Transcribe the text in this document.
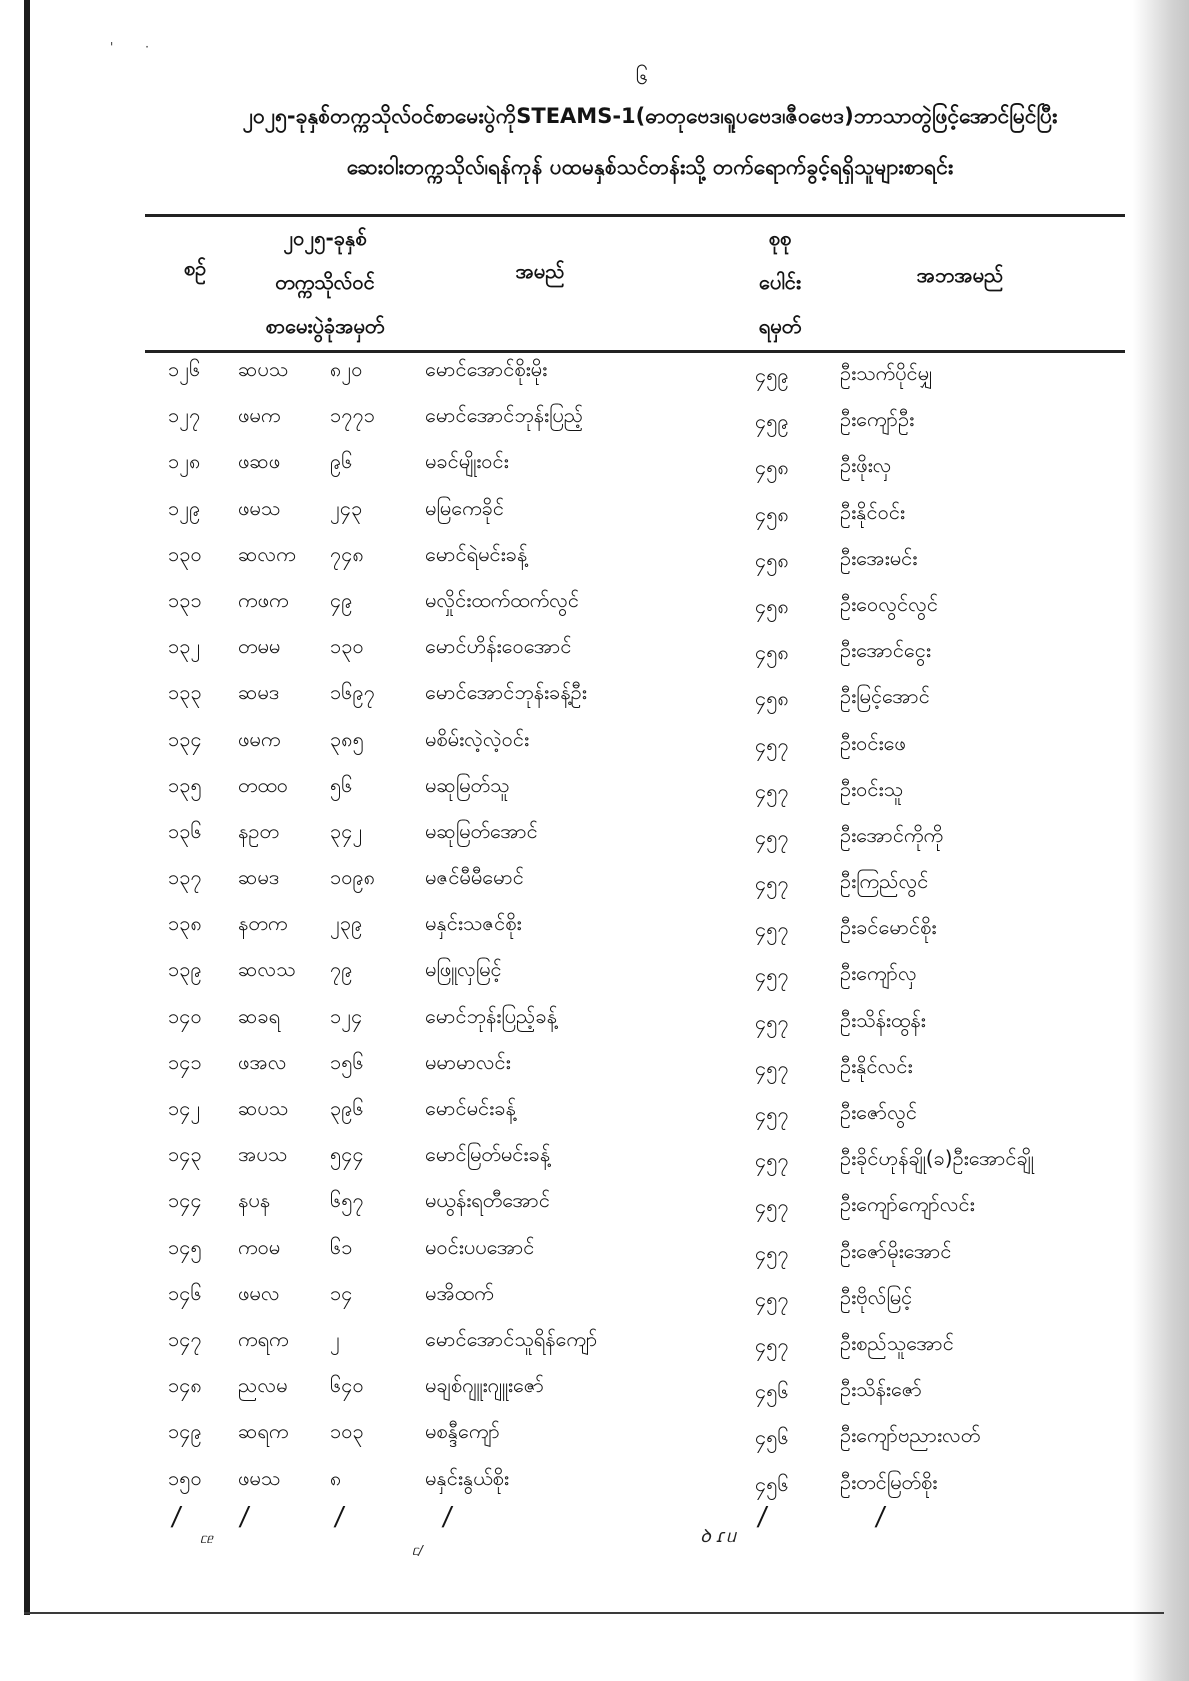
' ·
၆
၂၀၂၅-ခုနှစ်တက္ကသိုလ်ဝင်စာမေးပွဲကိုSTEAMS-1(ဓာတုဗေဒ၊ရူပဗေဒ၊ဇီဝဗေဒ)ဘာသာတွဲဖြင့်အောင်မြင်ပြီး
ဆေးဝါးတက္ကသိုလ်၊ရန်ကုန် ပထမနှစ်သင်တန်းသို့ တက်ရောက်ခွင့်ရရှိသူများစာရင်း
စဉ်
၂၀၂၅-ခုနှစ်
တက္ကသိုလ်ဝင်
စာမေးပွဲခုံအမှတ်
အမည်
စုစု
ပေါင်း
ရမှတ်
အဘအမည်
၁၂၆ ဆပသ ၈၂၀	မောင်အောင်စိုးမိုး	၄၅၉	ဦးသက်ပိုင်မျှ
၁၂၇ ဖမက ၁၇၇၁	မောင်အောင်ဘုန်းပြည့်	၄၅၉	ဦးကျော်ဦး
၁၂၈ ဖဆဖ ၉၆	မခင်မျိုးဝင်း	၄၅၈	ဦးဖိုးလှ
၁၂၉ ဖမသ ၂၄၃	မမြကေခိုင်	၄၅၈	ဦးနိုင်ဝင်း
၁၃၀ ဆလက ၇၄၈	မောင်ရဲမင်းခန့်	၄၅၈	ဦးအေးမင်း
၁၃၁ ကဖက ၄၉	မလှိုင်းထက်ထက်လွင်	၄၅၈	ဦးဝေလွင်လွင်
၁၃၂ တမမ ၁၃၀	မောင်ဟိန်းဝေအောင်	၄၅၈	ဦးအောင်ငွေး
၁၃၃ ဆမဒ	၁၆၉၇	မောင်အောင်ဘုန်းခန့်ဦး	၄၅၈	ဦးမြင့်အောင်
၁၃၄ ဖမက ၃၈၅	မစိမ်းလဲ့လဲ့ဝင်း	၄၅၇	ဦးဝင်းဖေ
၁၃၅ တထဝ ၅၆	မဆုမြတ်သူ	၄၅၇	ဦးဝင်းသူ
၁၃၆ နဥတ	၃၄၂	မဆုမြတ်အောင်	၄၅၇	ဦးအောင်ကိုကို
၁၃၇ ဆမဒ	၁၀၉၈ မဇင်မီမီမောင်	၄၅၇	ဦးကြည်လွင်
၁၃၈ နတက ၂၃၉	မနှင်းသဇင်စိုး	၄၅၇	ဦးခင်မောင်စိုး
၁၃၉ ဆလသ ၇၉	မဖြူလှမြင့်	၄၅၇	ဦးကျော်လှ
၁၄၀ ဆခရ ၁၂၄	မောင်ဘုန်းပြည့်ခန့်	၄၅၇	ဦးသိန်းထွန်း
၁၄၁ ဖအလ ၁၅၆	မမာမာလင်း	၄၅၇	ဦးနိုင်လင်း
၁၄၂ ဆပသ ၃၉၆	မောင်မင်းခန့်	၄၅၇	ဦးဇော်လွင်
၁၄၃ အပသ ၅၄၄	မောင်မြတ်မင်းခန့်	၄၅၇	ဦးခိုင်ဟုန်ချို(ခ)ဦးအောင်ချို
၁၄၄ နပန	၆၅၇	မယွန်းရတီအောင်	၄၅၇	ဦးကျော်ကျော်လင်း
၁၄၅ ကဝမ ၆၁	မဝင်းပပအောင်	၄၅၇	ဦးဇော်မိုးအောင်
၁၄၆ ဖမလ	၁၄	မအိထက်	၄၅၇	ဦးဗိုလ်မြင့်
၁၄၇ ကရက ၂	မောင်အောင်သူရိန်ကျော်	၄၅၇	ဦးစည်သူအောင်
၁၄၈ ညလမ ၆၄၀	မချစ်ဂျူးဂျူးဇော်	၄၅၆	ဦးသိန်းဇော်
၁၄၉ ဆရက ၁၀၃	မစန္ဒီကျော်	၄၅၆	ဦးကျော်ဗညားလတ်
၁၅၀ ဖမသ ၈	မနှင်းနွယ်စိုး	၄၅၆	ဦးတင်မြတ်စိုး
/ /	/	/	/	/
ᥴᥱ
ᥴ/
ꝺ ɾᥙ
